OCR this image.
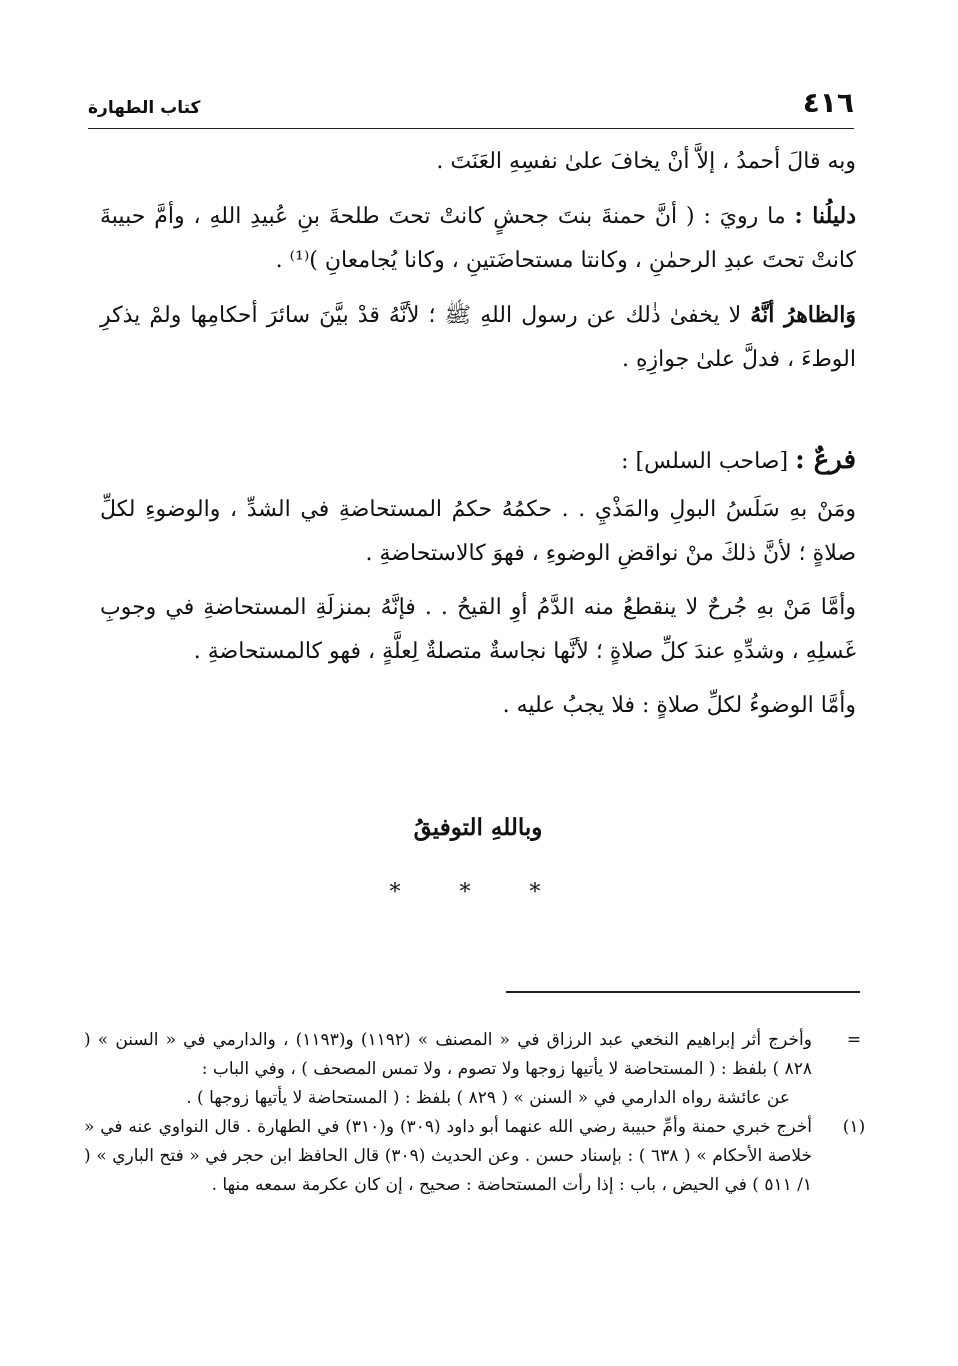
٤١٦
كتاب الطهارة

وبه قالَ أحمدُ ، إلاَّ أنْ يخافَ علىٰ نفسِهِ العَنَتَ .

دليلُنا : ما رويَ : ( أنَّ حمنةَ بنتَ جحشٍ كانتْ تحتَ طلحةَ بنِ عُبيدِ اللهِ ، وأمَّ حبيبةَ كانتْ تحتَ عبدِ الرحمٰنِ ، وكانتا مستحاضَتينِ ، وكانا يُجامعانِ )⁽¹⁾ .

وَالظاهرُ أنَّهُ لا يخفىٰ ذٰلك عن رسول اللهِ ﷺ ؛ لأنَّهُ قدْ بيَّنَ سائرَ أحكامِها ولمْ يذكرِ الوطءَ ، فدلَّ علىٰ جوازِهِ .

فرعٌ : [صاحب السلس] :

ومَنْ بهِ سَلَسُ البولِ والمَذْيِ . . حكمُهُ حكمُ المستحاضةِ في الشدِّ ، والوضوءِ لكلِّ صلاةٍ ؛ لأنَّ ذلكَ منْ نواقضِ الوضوءِ ، فهوَ كالاستحاضةِ .

وأمَّا مَنْ بهِ جُرحٌ لا ينقطعُ منه الدَّمُ أوِ القيحُ . . فإنَّهُ بمنزلَةِ المستحاضةِ في وجوبِ غَسلِهِ ، وشدِّهِ عندَ كلِّ صلاةٍ ؛ لأنَّها نجاسةٌ متصلةٌ لِعلَّةٍ ، فهو كالمستحاضةِ .

وأمَّا الوضوءُ لكلِّ صلاةٍ : فلا يجبُ عليه .

وباللهِ التوفيقُ
* * *
=
وأخرج أثر إبراهيم النخعي عبد الرزاق في « المصنف » (١١٩٢) و(١١٩٣) ، والدارمي في « السنن » ( ٨٢٨ ) بلفظ : ( المستحاضة لا يأتيها زوجها ولا تصوم ، ولا تمس المصحف ) ، وفي الباب :
عن عائشة رواه الدارمي في « السنن » ( ٨٢٩ ) بلفظ : ( المستحاضة لا يأتيها زوجها ) .
(١)
أخرج خبري حمنة وأمِّ حبيبة رضي الله عنهما أبو داود (٣٠٩) و(٣١٠) في الطهارة . قال النواوي عنه في « خلاصة الأحكام » ( ٦٣٨ ) : بإسناد حسن . وعن الحديث (٣٠٩) قال الحافظ ابن حجر في « فتح الباري » ( ١/ ٥١١ ) في الحيض ، باب : إذا رأت المستحاضة : صحيح ، إن كان عكرمة سمعه منها .
